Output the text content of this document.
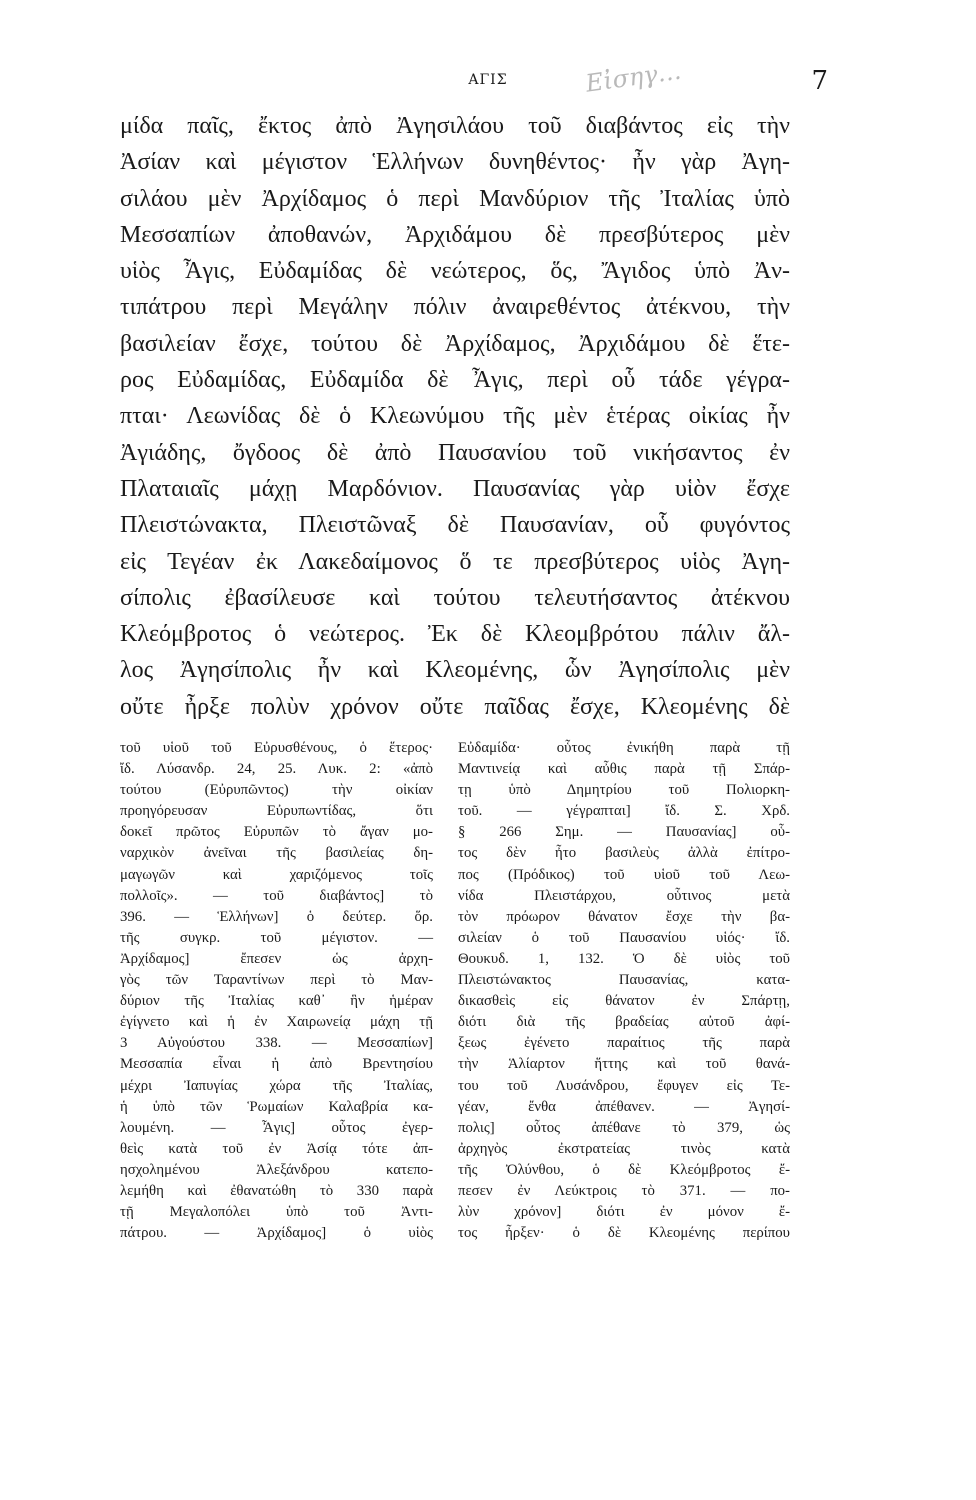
ΑΓΙΣ	7
Εἰσηγ…
μίδα παῖς, ἔκτος ἀπὸ Ἀγησιλάου τοῦ διαβάντος εἰς τὴν
Ἀσίαν καὶ μέγιστον Ἑλλήνων δυνηθέντος· ἦν γὰρ Ἀγη-
σιλάου μὲν Ἀρχίδαμος ὁ περὶ Μανδύριον τῆς Ἰταλίας ὑπὸ
Μεσσαπίων ἀποθανών, Ἀρχιδάμου δὲ πρεσβύτερος μὲν
υἱὸς Ἆγις, Εὐδαμίδας δὲ νεώτερος, ὅς, Ἄγιδος ὑπὸ Ἀν-
τιπάτρου περὶ Μεγάλην πόλιν ἀναιρεθέντος ἀτέκνου, τὴν
βασιλείαν ἔσχε, τούτου δὲ Ἀρχίδαμος, Ἀρχιδάμου δὲ ἕτε-
ρος Εὐδαμίδας, Εὐδαμίδα δὲ Ἆγις, περὶ οὗ τάδε γέγρα-
πται· Λεωνίδας δὲ ὁ Κλεωνύμου τῆς μὲν ἑτέρας οἰκίας ἦν
Ἀγιάδης, ὄγδοος δὲ ἀπὸ Παυσανίου τοῦ νικήσαντος ἐν
Πλαταιαῖς μάχῃ Μαρδόνιον. Παυσανίας γὰρ υἱὸν ἔσχε
Πλειστώνακτα, Πλειστῶναξ δὲ Παυσανίαν, οὗ φυγόντος
εἰς Τεγέαν ἐκ Λακεδαίμονος ὅ τε πρεσβύτερος υἱὸς Ἀγη-
σίπολις ἐβασίλευσε καὶ τούτου τελευτήσαντος ἀτέκνου
Κλεόμβροτος ὁ νεώτερος. Ἐκ δὲ Κλεομβρότου πάλιν ἄλ-
λος Ἀγησίπολις ἦν καὶ Κλεομένης, ὧν Ἀγησίπολις μὲν
οὔτε ἦρξε πολὺν χρόνον οὔτε παῖδας ἔσχε, Κλεομένης δὲ
τοῦ υἱοῦ τοῦ Εὐρυσθένους, ὁ ἕτερος·
ἴδ. Λύσανδρ. 24, 25. Λυκ. 2: «ἀπὸ
τούτου (Εὐρυπῶντος) τὴν οἰκίαν
προηγόρευσαν Εὐρυπωντίδας, ὅτι
δοκεῖ πρῶτος Εὐρυπῶν τὸ ἄγαν μο-
ναρχικὸν ἀνεῖναι τῆς βασιλείας δη-
μαγωγῶν καὶ χαριζόμενος τοῖς
πολλοῖς». — τοῦ διαβάντος] τὸ
396. — Ἑλλήνων] ὁ δεύτερ. ὅρ.
τῆς συγκρ. τοῦ μέγιστον. —
Ἀρχίδαμος] ἔπεσεν ὡς ἀρχη-
γὸς τῶν Ταραντίνων περὶ τὸ Μαν-
δύριον τῆς Ἰταλίας καθ᾽ ἣν ἡμέραν
ἐγίγνετο καὶ ἡ ἐν Χαιρωνείᾳ μάχη τῇ
3 Αὐγούστου 338. — Μεσσαπίων]
Μεσσαπία εἶναι ἡ ἀπὸ Βρεντησίου
μέχρι Ἰαπυγίας χώρα τῆς Ἰταλίας,
ἡ ὑπὸ τῶν Ῥωμαίων Καλαβρία κα-
λουμένη. — Ἆγις] οὗτος ἐγερ-
θεὶς κατὰ τοῦ ἐν Ἀσίᾳ τότε ἀπ-
ησχολημένου Ἀλεξάνδρου κατεπο-
λεμήθη καὶ ἐθανατώθη τὸ 330 παρὰ
τῇ Μεγαλοπόλει ὑπὸ τοῦ Ἀντι-
πάτρου. — Ἀρχίδαμος] ὁ υἱὸς
Εὐδαμίδα· οὗτος ἐνικήθη παρὰ τῇ
Μαντινείᾳ καὶ αὖθις παρὰ τῇ Σπάρ-
τῃ ὑπὸ Δημητρίου τοῦ Πολιορκη-
τοῦ. — γέγραπται] ἴδ. Σ. Χρδ.
§ 266 Σημ. — Παυσανίας] οὗ-
τος δὲν ἦτο βασιλεὺς ἀλλὰ ἐπίτρο-
πος (Πρόδικος) τοῦ υἱοῦ τοῦ Λεω-
νίδα Πλειστάρχου, οὗτινος μετὰ
τὸν πρόωρον θάνατον ἔσχε τὴν βα-
σιλείαν ὁ τοῦ Παυσανίου υἱός· ἴδ.
Θουκυδ. 1, 132. Ὁ δὲ υἱὸς τοῦ
Πλειστώνακτος Παυσανίας, κατα-
δικασθεὶς εἰς θάνατον ἐν Σπάρτῃ,
διότι διὰ τῆς βραδείας αὐτοῦ ἀφί-
ξεως ἐγένετο παραίτιος τῆς παρὰ
τὴν Ἁλίαρτον ἥττης καὶ τοῦ θανά-
του τοῦ Λυσάνδρου, ἔφυγεν εἰς Τε-
γέαν, ἔνθα ἀπέθανεν. — Ἀγησί-
πολις] οὗτος ἀπέθανε τὸ 379, ὡς
ἀρχηγὸς ἐκστρατείας τινὸς κατὰ
τῆς Ὀλύνθου, ὁ δὲ Κλεόμβροτος ἔ-
πεσεν ἐν Λεύκτροις τὸ 371. — πο-
λὺν χρόνον] διότι ἐν μόνον ἔ-
τος ἦρξεν· ὁ δὲ Κλεομένης περίπου
